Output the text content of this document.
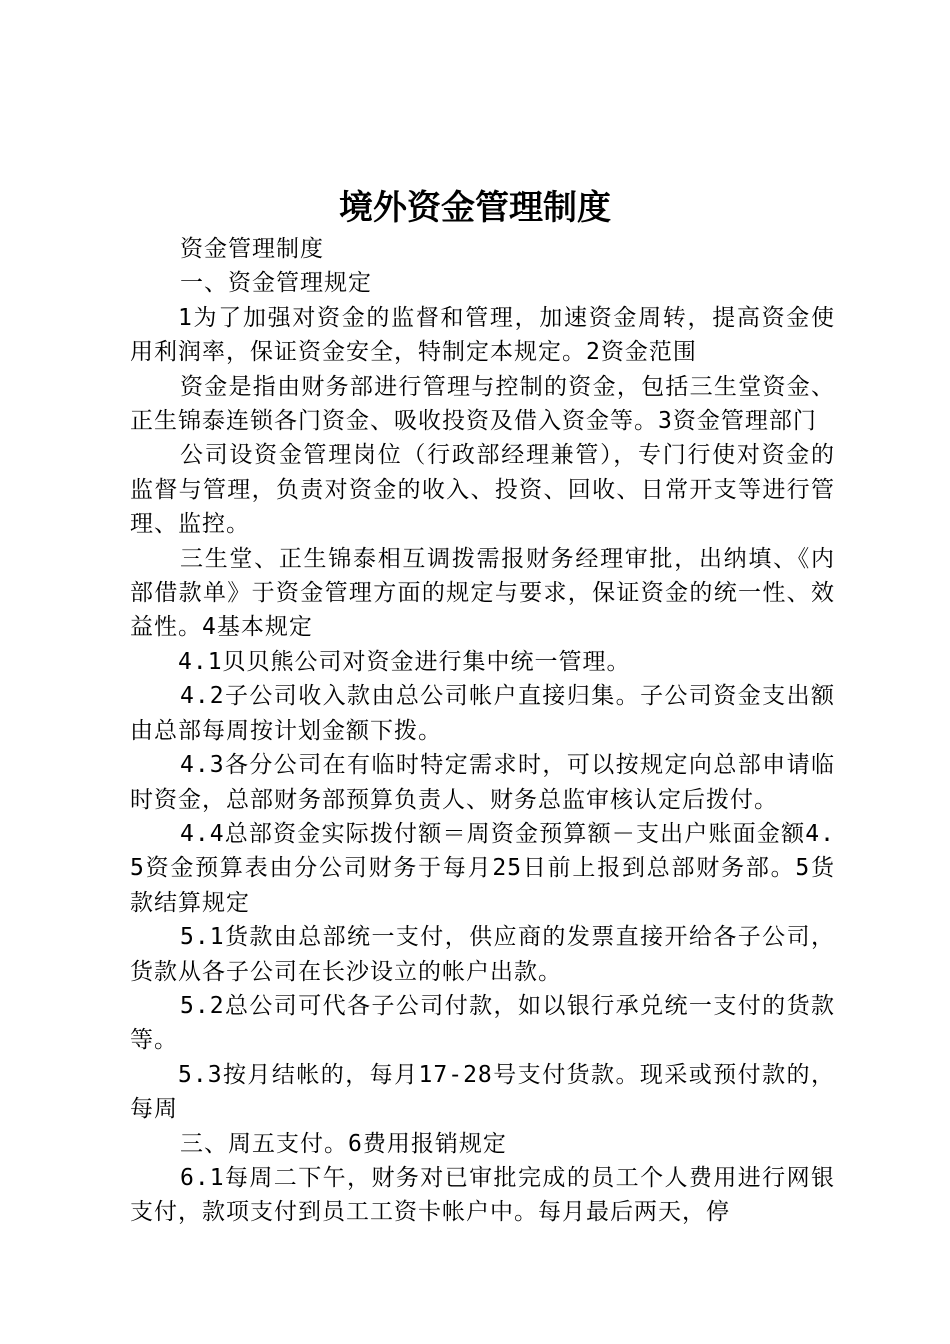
境外资金管理制度

资金管理制度

一、资金管理规定

1为了加强对资金的监督和管理，加速资金周转，提高资金使用利润率，保证资金安全，特制定本规定。2资金范围

资金是指由财务部进行管理与控制的资金，包括三生堂资金、正生锦泰连锁各门资金、吸收投资及借入资金等。3资金管理部门

公司设资金管理岗位（行政部经理兼管），专门行使对资金的监督与管理，负责对资金的收入、投资、回收、日常开支等进行管理、监控。

三生堂、正生锦泰相互调拨需报财务经理审批，出纳填、《内部借款单》于资金管理方面的规定与要求，保证资金的统一性、效益性。4基本规定

4.1贝贝熊公司对资金进行集中统一管理。

4.2子公司收入款由总公司帐户直接归集。子公司资金支出额由总部每周按计划金额下拨。

4.3各分公司在有临时特定需求时，可以按规定向总部申请临时资金，总部财务部预算负责人、财务总监审核认定后拨付。

4.4总部资金实际拨付额＝周资金预算额－支出户账面金额4.5资金预算表由分公司财务于每月25日前上报到总部财务部。5货款结算规定

5.1货款由总部统一支付，供应商的发票直接开给各子公司，货款从各子公司在长沙设立的帐户出款。

5.2总公司可代各子公司付款，如以银行承兑统一支付的货款等。

5.3按月结帐的，每月17-28号支付货款。现采或预付款的，每周

三、周五支付。6费用报销规定

6.1每周二下午，财务对已审批完成的员工个人费用进行网银支付，款项支付到员工工资卡帐户中。每月最后两天，停
